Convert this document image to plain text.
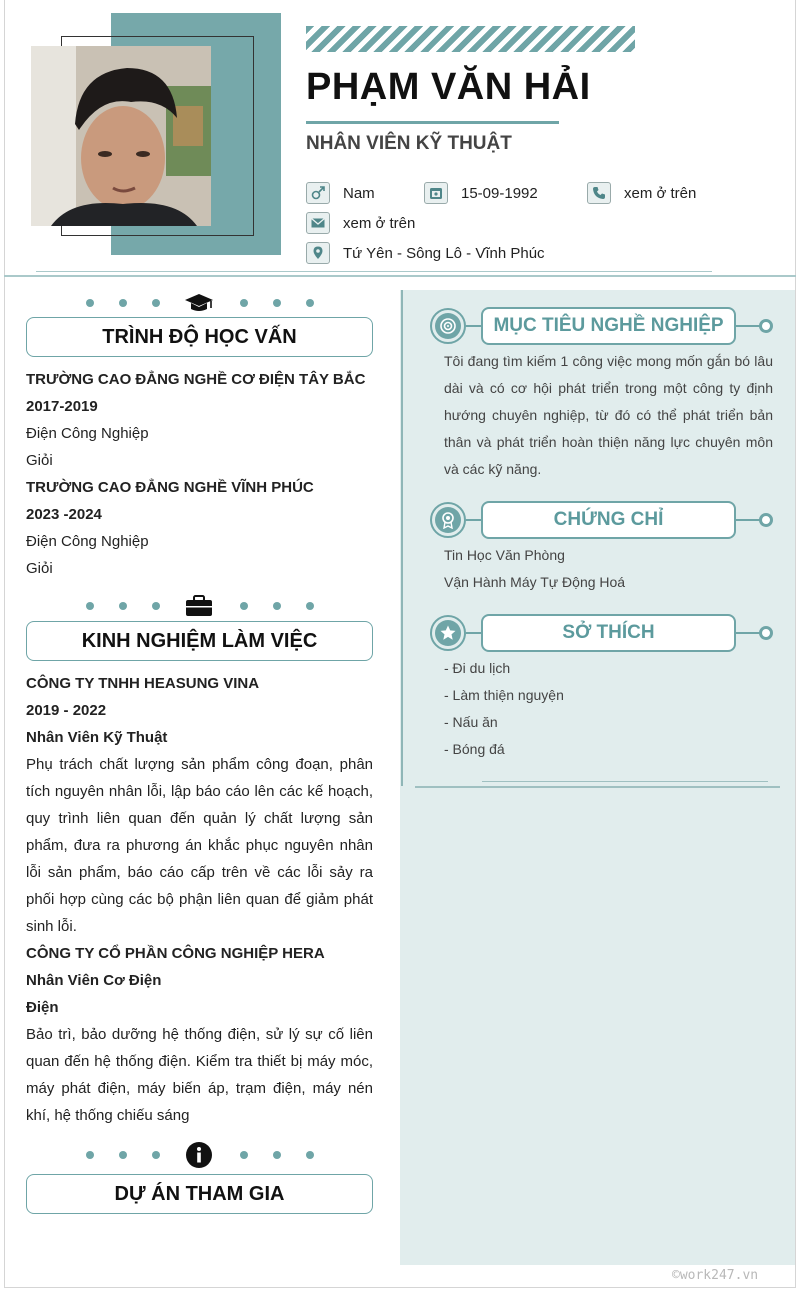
PHẠM VĂN HẢI
NHÂN VIÊN KỸ THUẬT
Nam	15-09-1992	xem ở trên
xem ở trên
Tứ Yên - Sông Lô - Vĩnh Phúc
TRÌNH ĐỘ HỌC VẤN
TRƯỜNG CAO ĐẲNG NGHỀ CƠ ĐIỆN TÂY BẮC
2017-2019
Điện Công Nghiệp
Giỏi
TRƯỜNG CAO ĐẲNG NGHỀ VĨNH PHÚC
2023 -2024
Điện Công Nghiệp
Giỏi
KINH NGHIỆM LÀM VIỆC
CÔNG TY TNHH HEASUNG VINA
2019 - 2022
Nhân Viên Kỹ Thuật
Phụ trách chất lượng sản phẩm công đoạn, phân tích nguyên nhân lỗi, lập báo cáo lên các kế hoạch, quy trình liên quan đến quản lý chất lượng sản phẩm, đưa ra phương án khắc phục nguyên nhân lỗi sản phẩm, báo cáo cấp trên về các lỗi sảy ra phối hợp cùng các bộ phận liên quan để giảm phát sinh lỗi.
CÔNG TY CỔ PHẦN CÔNG NGHIỆP HERA
Nhân Viên Cơ Điện
Điện
Bảo trì, bảo dưỡng hệ thống điện, sử lý sự cố liên quan đến hệ thống điện. Kiểm tra thiết bị máy móc, máy phát điện, máy biến áp, trạm điện, máy nén khí, hệ thống chiếu sáng
DỰ ÁN THAM GIA
MỤC TIÊU NGHỀ NGHIỆP
Tôi đang tìm kiếm 1 công việc mong mốn gắn bó lâu dài và có cơ hội phát triển trong một công ty định hướng chuyên nghiệp, từ đó có thể phát triển bản thân và phát triển hoàn thiện năng lực chuyên môn và các kỹ năng.
CHỨNG CHỈ
Tin Học Văn Phòng
Vận Hành Máy Tự Động Hoá
SỞ THÍCH
- Đi du lịch
- Làm thiện nguyện
- Nấu ăn
- Bóng đá
©work247.vn
